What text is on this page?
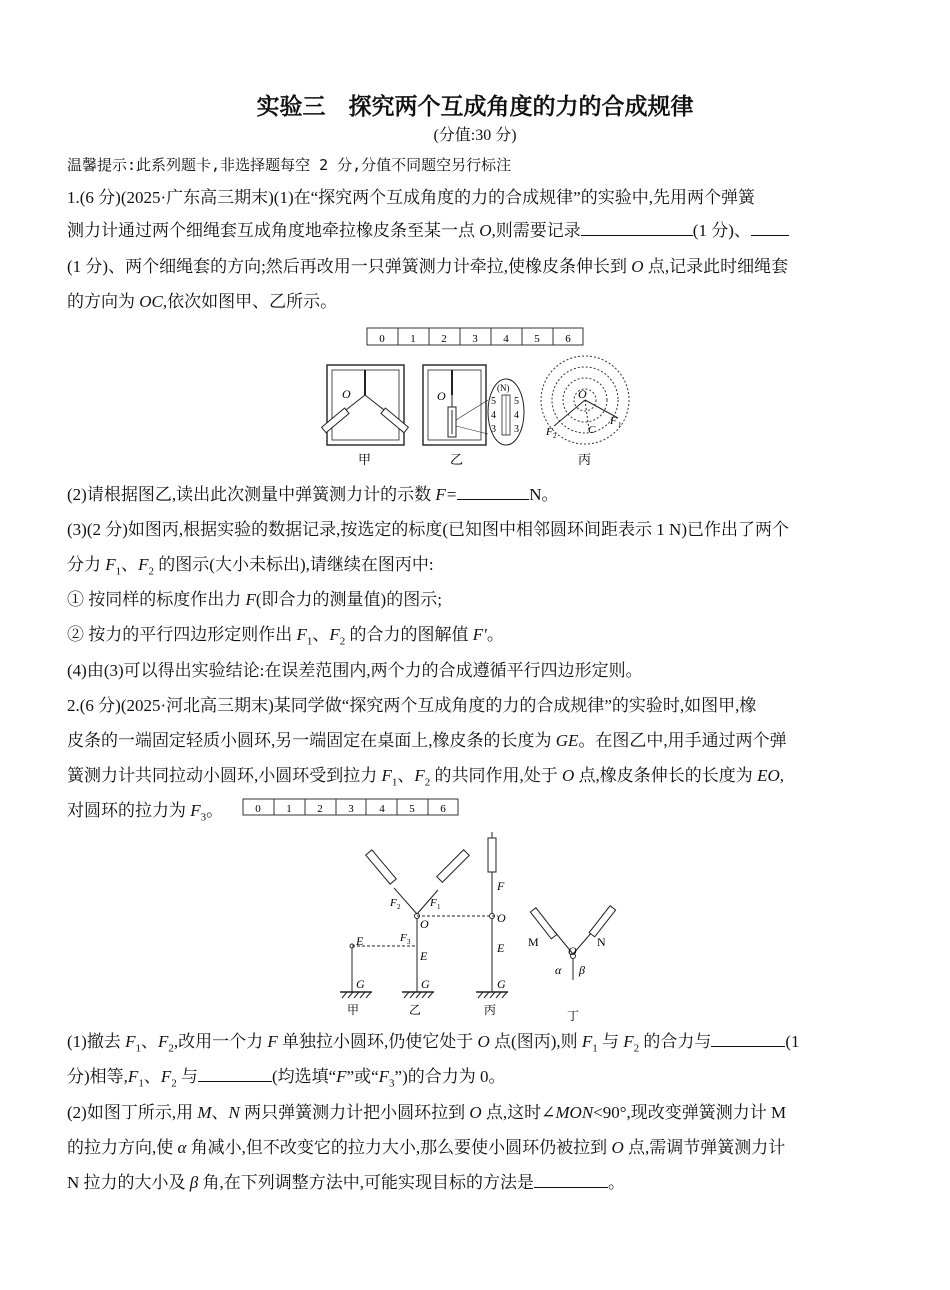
实验三　探究两个互成角度的力的合成规律
(分值:30 分)
温馨提示:此系列题卡,非选择题每空 2 分,分值不同题空另行标注
1.(6 分)(2025·广东高三期末)(1)在“探究两个互成角度的力的合成规律”的实验中,先用两个弹簧
测力计通过两个细绳套互成角度地牵拉橡皮条至某一点 O,则需要记录	(1 分)、
(1 分)、两个细绳套的方向;然后再改用一只弹簧测力计牵拉,使橡皮条伸长到 O 点,记录此时细绳套
的方向为 OC,依次如图甲、乙所示。
0 1 2 3 4 5 6
O
甲
O
(N)
5
4
3
5
4
3
乙
O
C
F 1
F 2
丙
(2)请根据图乙,读出此次测量中弹簧测力计的示数 F=	N。
(3)(2 分)如图丙,根据实验的数据记录,按选定的标度(已知图中相邻圆环间距表示 1 N)已作出了两个
分力 $F_1$、$F_2$ 的图示(大小未标出),请继续在图丙中:
① 按同样的标度作出力 F(即合力的测量值)的图示;
② 按力的平行四边形定则作出 $F_1$、$F_2$ 的合力的图解值 F′。
(4)由(3)可以得出实验结论:在误差范围内,两个力的合成遵循平行四边形定则。
2.(6 分)(2025·河北高三期末)某同学做“探究两个互成角度的力的合成规律”的实验时,如图甲,橡
皮条的一端固定轻质小圆环,另一端固定在桌面上,橡皮条的长度为 GE。在图乙中,用手通过两个弹
簧测力计共同拉动小圆环,小圆环受到拉力 $F_1$、$F_2$ 的共同作用,处于 O 点,橡皮条伸长的长度为 EO,
对圆环的拉力为 $F_3$。	0 1 2 3 4 5 6
G
E
甲
O
F 3
E
G
F 2	F 1
乙
F
O
E
G
丙
M	N
O
α β
丁
(1)撤去 $F_1$、$F_2$,改用一个力 F 单独拉小圆环,仍使它处于 O 点(图丙),则 $F_1$ 与 $F_2$ 的合力与	(1
分)相等$,F_1$、$F_2$ 与	(均选填“F”或“$F_3$”)的合力为 0。
(2)如图丁所示,用 M、N 两只弹簧测力计把小圆环拉到 O 点,这时∠MON<90°,现改变弹簧测力计 M
的拉力方向,使 α 角减小,但不改变它的拉力大小,那么要使小圆环仍被拉到 O 点,需调节弹簧测力计
N 拉力的大小及 β 角,在下列调整方法中,可能实现目标的方法是	。
